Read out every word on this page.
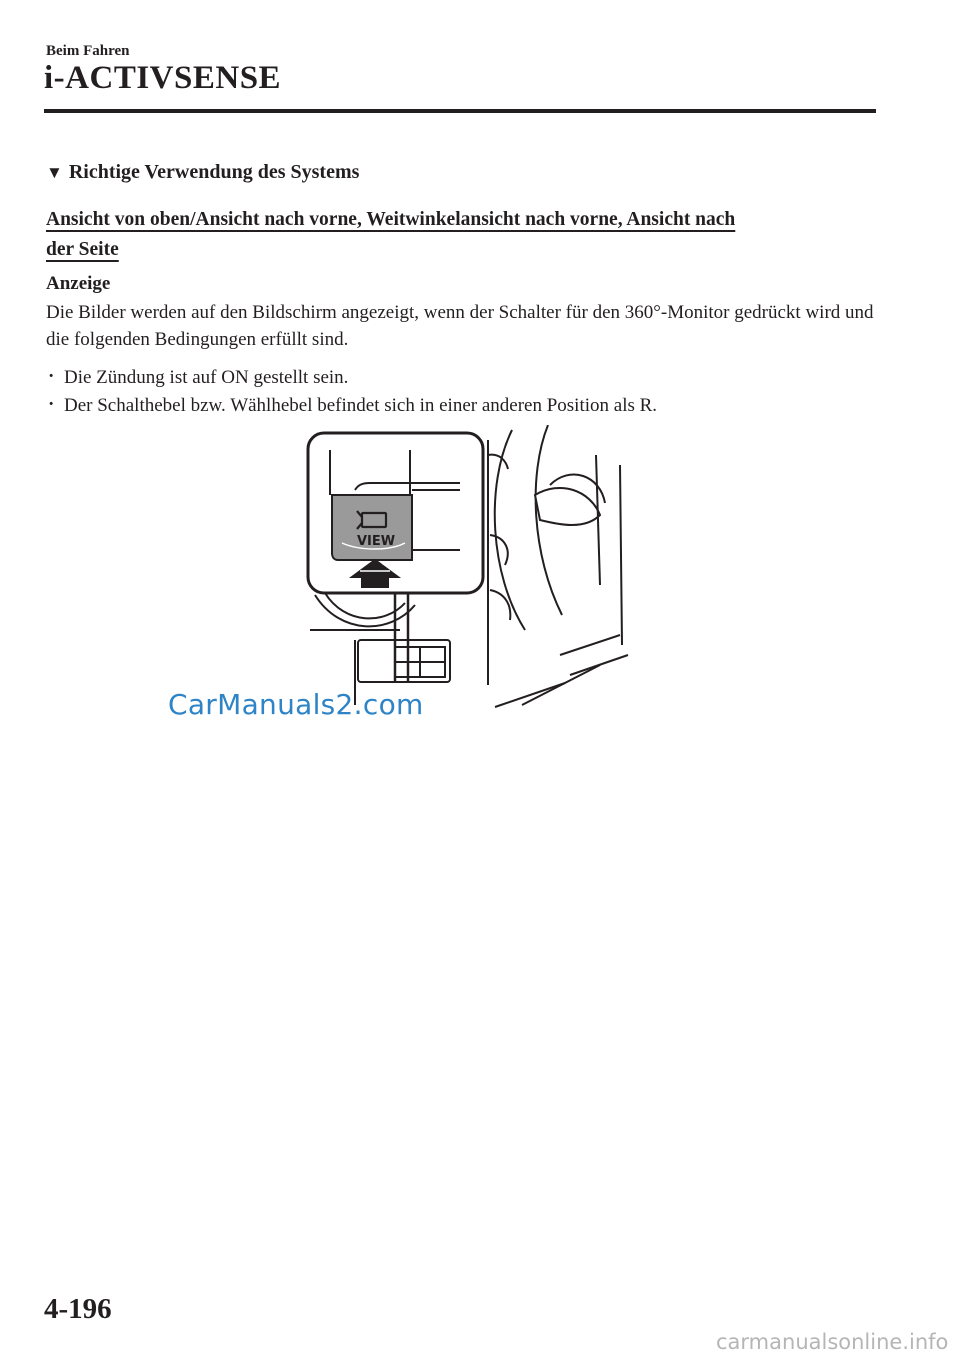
Beim Fahren
i-ACTIVSENSE
▼ Richtige Verwendung des Systems
Ansicht von oben/Ansicht nach vorne, Weitwinkelansicht nach vorne, Ansicht nach
der Seite
Anzeige
Die Bilder werden auf den Bildschirm angezeigt, wenn der Schalter für den 360°-Monitor gedrückt wird und die folgenden Bedingungen erfüllt sind.
· Die Zündung ist auf ON gestellt sein.
· Der Schalthebel bzw. Wählhebel befindet sich in einer anderen Position als R.
VIEW
CarManuals2.com
4-196
carmanualsonline.info
